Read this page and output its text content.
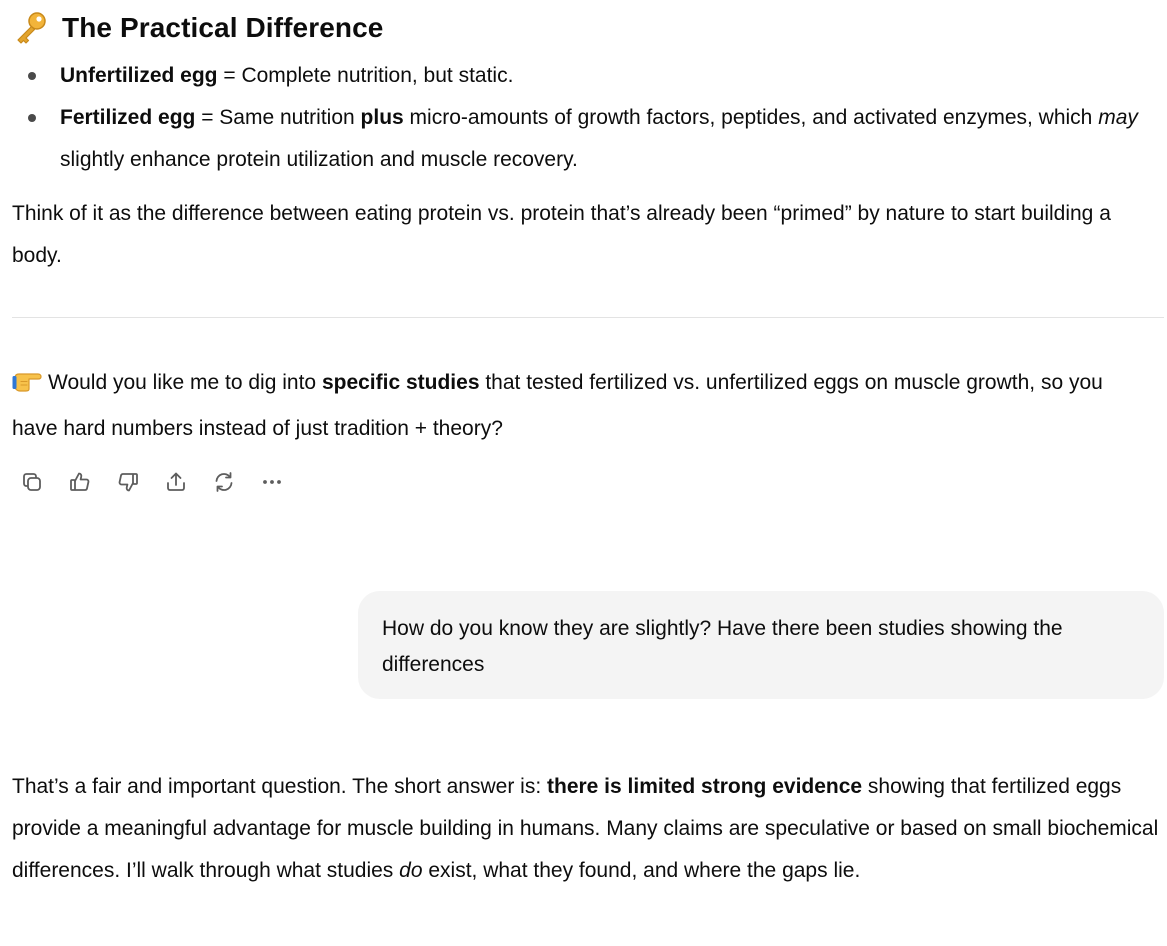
The Practical Difference
Unfertilized egg = Complete nutrition, but static.
Fertilized egg = Same nutrition plus micro-amounts of growth factors, peptides, and activated enzymes, which may slightly enhance protein utilization and muscle recovery.

Think of it as the difference between eating protein vs. protein that’s already been “primed” by nature to start building a body.

Would you like me to dig into specific studies that tested fertilized vs. unfertilized eggs on muscle growth, so you have hard numbers instead of just tradition + theory?

How do you know they are slightly? Have there been studies showing the differences

That’s a fair and important question. The short answer is: there is limited strong evidence showing that fertilized eggs provide a meaningful advantage for muscle building in humans. Many claims are speculative or based on small biochemical differences. I’ll walk through what studies do exist, what they found, and where the gaps lie.
